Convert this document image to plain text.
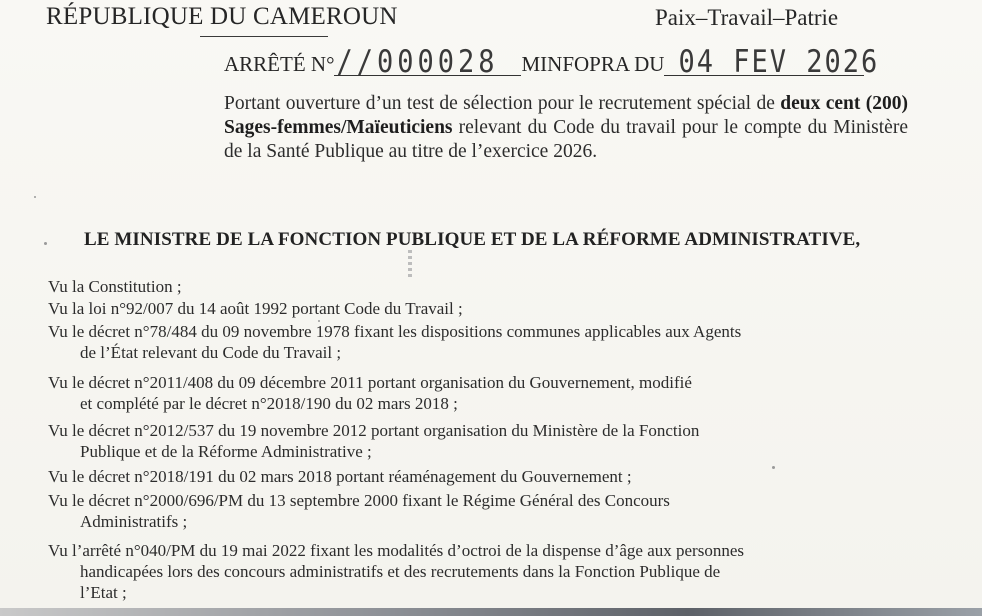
RÉPUBLIQUE DU CAMEROUN	Paix–Travail–Patrie
ARRÊTÉ N°//000028 MINFOPRA DU 04 FEV 2026
Portant ouverture d’un test de sélection pour le recrutement spécial de deux cent (200) Sages-femmes/Maïeuticiens relevant du Code du travail pour le compte du Ministère de la Santé Publique au titre de l’exercice 2026.
LE MINISTRE DE LA FONCTION PUBLIQUE ET DE LA RÉFORME ADMINISTRATIVE,
Vu la Constitution ;
Vu la loi n°92/007 du 14 août 1992 portant Code du Travail ;
Vu le décret n°78/484 du 09 novembre 1978 fixant les dispositions communes applicables aux Agents
de l’État relevant du Code du Travail ;
Vu le décret n°2011/408 du 09 décembre 2011 portant organisation du Gouvernement, modifié
et complété par le décret n°2018/190 du 02 mars 2018 ;
Vu le décret n°2012/537 du 19 novembre 2012 portant organisation du Ministère de la Fonction
Publique et de la Réforme Administrative ;
Vu le décret n°2018/191 du 02 mars 2018 portant réaménagement du Gouvernement ;
Vu le décret n°2000/696/PM du 13 septembre 2000 fixant le Régime Général des Concours
Administratifs ;
Vu l’arrêté n°040/PM du 19 mai 2022 fixant les modalités d’octroi de la dispense d’âge aux personnes
handicapées lors des concours administratifs et des recrutements dans la Fonction Publique de
l’Etat ;
